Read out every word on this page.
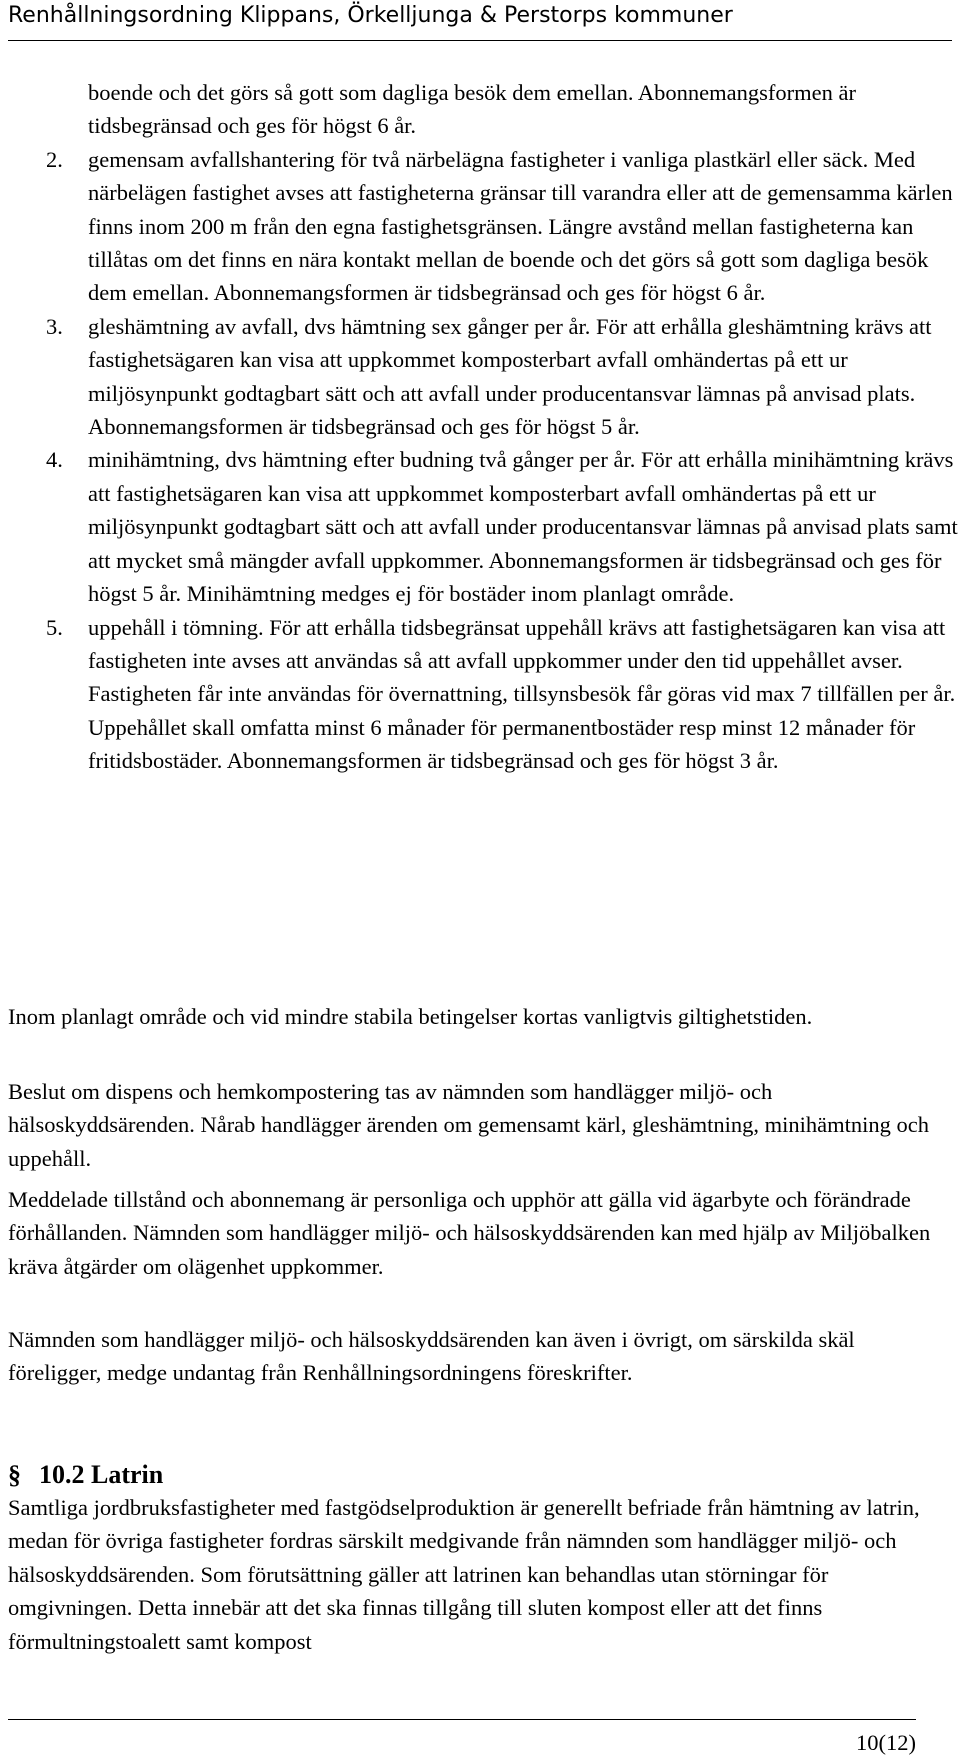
Renhållningsordning Klippans, Örkelljunga & Perstorps kommuner

boende och det görs så gott som dagliga besök dem emellan. Abonnemangsformen är tidsbegränsad och ges för högst 6 år.

2. gemensam avfallshantering för två närbelägna fastigheter i vanliga plastkärl eller säck. Med närbelägen fastighet avses att fastigheterna gränsar till varandra eller att de gemensamma kärlen finns inom 200 m från den egna fastighetsgränsen. Längre avstånd mellan fastigheterna kan tillåtas om det finns en nära kontakt mellan de boende och det görs så gott som dagliga besök dem emellan. Abonnemangsformen är tidsbegränsad och ges för högst 6 år.
3. gleshämtning av avfall, dvs hämtning sex gånger per år. För att erhålla gleshämtning krävs att fastighetsägaren kan visa att uppkommet komposterbart avfall omhändertas på ett ur miljösynpunkt godtagbart sätt och att avfall under producentansvar lämnas på anvisad plats. Abonnemangsformen är tidsbegränsad och ges för högst 5 år.
4. minihämtning, dvs hämtning efter budning två gånger per år. För att erhålla minihämtning krävs att fastighetsägaren kan visa att uppkommet komposterbart avfall omhändertas på ett ur miljösynpunkt godtagbart sätt och att avfall under producentansvar lämnas på anvisad plats samt att mycket små mängder avfall uppkommer. Abonnemangsformen är tidsbegränsad och ges för högst 5 år. Minihämtning medges ej för bostäder inom planlagt område.
5. uppehåll i tömning. För att erhålla tidsbegränsat uppehåll krävs att fastighetsägaren kan visa att fastigheten inte avses att användas så att avfall uppkommer under den tid uppehållet avser. Fastigheten får inte användas för övernattning, tillsynsbesök får göras vid max 7 tillfällen per år. Uppehållet skall omfatta minst 6 månader för permanentbostäder resp minst 12 månader för fritidsbostäder. Abonnemangsformen är tidsbegränsad och ges för högst 3 år.

Inom planlagt område och vid mindre stabila betingelser kortas vanligtvis giltighetstiden.

Beslut om dispens och hemkompostering tas av nämnden som handlägger miljö- och hälsoskyddsärenden. Nårab handlägger ärenden om gemensamt kärl, gleshämtning, minihämtning och uppehåll.

Meddelade tillstånd och abonnemang är personliga och upphör att gälla vid ägarbyte och förändrade förhållanden. Nämnden som handlägger miljö- och hälsoskyddsärenden kan med hjälp av Miljöbalken kräva åtgärder om olägenhet uppkommer.

Nämnden som handlägger miljö- och hälsoskyddsärenden kan även i övrigt, om särskilda skäl föreligger, medge undantag från Renhållningsordningens föreskrifter.

§ 10.2 Latrin

Samtliga jordbruksfastigheter med fastgödselproduktion är generellt befriade från hämtning av latrin, medan för övriga fastigheter fordras särskilt medgivande från nämnden som handlägger miljö- och hälsoskyddsärenden. Som förutsättning gäller att latrinen kan behandlas utan störningar för omgivningen. Detta innebär att det ska finnas tillgång till sluten kompost eller att det finns förmultningstoalett samt kompost

10(12)
